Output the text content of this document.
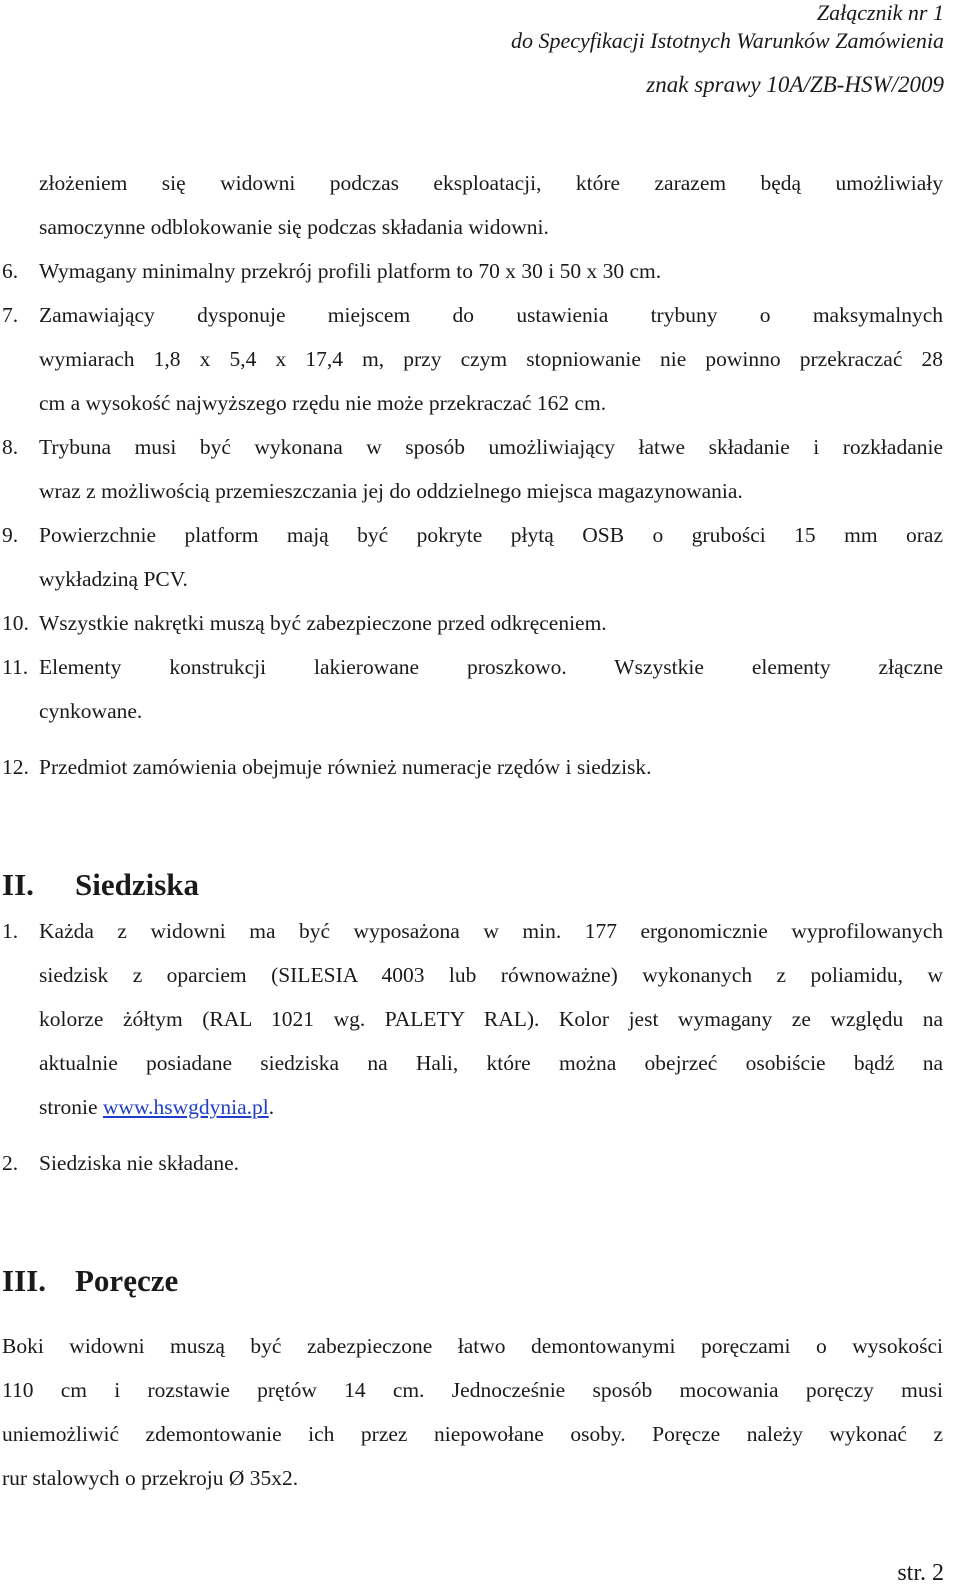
Załącznik nr 1
do Specyfikacji Istotnych Warunków Zamówienia
znak sprawy 10A/ZB-HSW/2009
złożeniem się widowni podczas eksploatacji, które zarazem będą umożliwiały
samoczynne odblokowanie się podczas składania widowni.
6. Wymagany minimalny przekrój profili platform to 70 x 30 i 50 x 30 cm.
7. Zamawiający dysponuje miejscem do ustawienia trybuny o maksymalnych
wymiarach 1,8 x 5,4 x 17,4 m, przy czym stopniowanie nie powinno przekraczać 28
cm a wysokość najwyższego rzędu nie może przekraczać 162 cm.
8. Trybuna musi być wykonana w sposób umożliwiający łatwe składanie i rozkładanie
wraz z możliwością przemieszczania jej do oddzielnego miejsca magazynowania.
9. Powierzchnie platform mają być pokryte płytą OSB o grubości 15 mm oraz
wykładziną PCV.
10. Wszystkie nakrętki muszą być zabezpieczone przed odkręceniem.
11. Elementy konstrukcji lakierowane proszkowo. Wszystkie elementy złączne
cynkowane.
12. Przedmiot zamówienia obejmuje również numeracje rzędów i siedzisk.
II. Siedziska
1. Każda z widowni ma być wyposażona w min. 177 ergonomicznie wyprofilowanych
siedzisk z oparciem (SILESIA 4003 lub równoważne) wykonanych z poliamidu, w
kolorze żółtym (RAL 1021 wg. PALETY RAL). Kolor jest wymagany ze względu na
aktualnie posiadane siedziska na Hali, które można obejrzeć osobiście bądź na
stronie www.hswgdynia.pl.
2. Siedziska nie składane.
III. Poręcze
Boki widowni muszą być zabezpieczone łatwo demontowanymi poręczami o wysokości
110 cm i rozstawie prętów 14 cm. Jednocześnie sposób mocowania poręczy musi
uniemożliwić zdemontowanie ich przez niepowołane osoby. Poręcze należy wykonać z
rur stalowych o przekroju Ø 35x2.
str. 2
